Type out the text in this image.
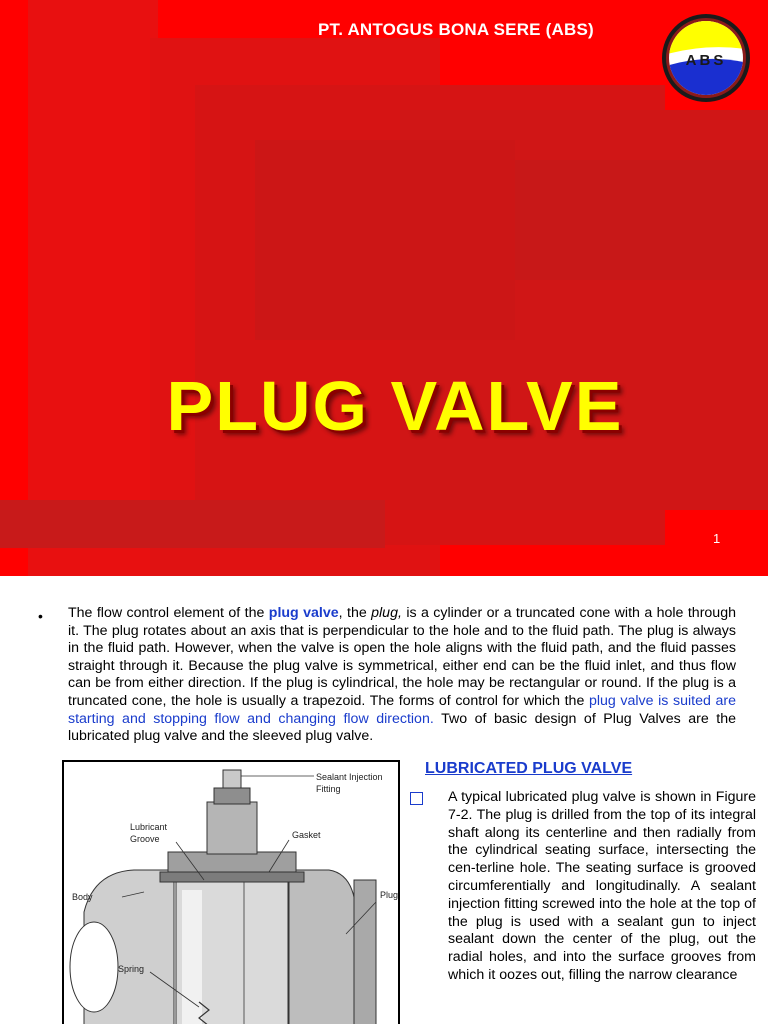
PT. ANTOGUS BONA SERE (ABS)
ABS
PLUG VALVE
1
• The flow control element of the plug valve, the plug, is a cylinder or a truncated cone with a hole through it. The plug rotates about an axis that is perpendicular to the hole and to the fluid path. The plug is always in the fluid path. However, when the valve is open the hole aligns with the fluid path, and the fluid passes straight through it. Because the plug valve is symmetrical, either end can be the fluid inlet, and thus flow can be from either direction. If the plug is cylindrical, the hole may be rectangular or round. If the plug is a truncated cone, the hole is usually a trapezoid. The forms of control for which the plug valve is suited are starting and stopping flow and changing flow direction. Two of basic design of Plug Valves are the lubricated plug valve and the sleeved plug valve.
Sealant Injection
Fitting
Lubricant
Groove	Gasket
Body	Plug
Spring
LUBRICATED PLUG VALVE
A typical lubricated plug valve is shown in Figure 7-2. The plug is drilled from the top of its integral shaft along its centerline and then radially from the cylindrical seating surface, intersecting the cen-terline hole. The seating surface is grooved circumferentially and longitudinally. A sealant injection fitting screwed into the hole at the top of the plug is used with a sealant gun to inject sealant down the center of the plug, out the radial holes, and into the surface grooves from which it oozes out, filling the narrow clearance
